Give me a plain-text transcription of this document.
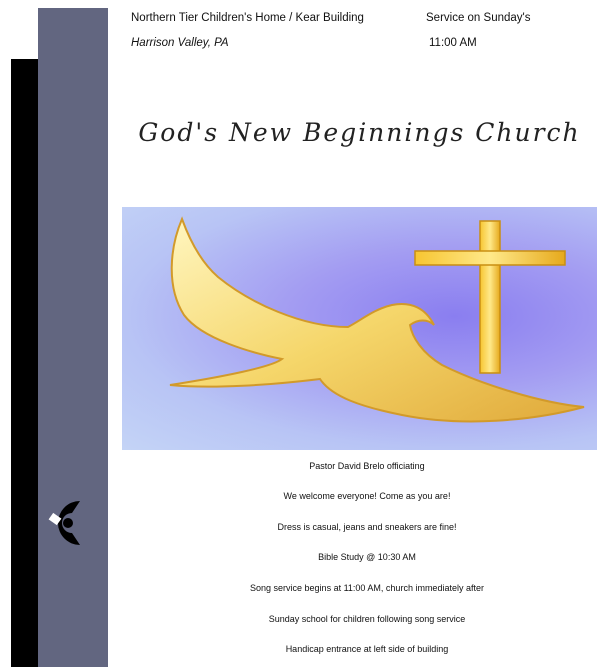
Northern Tier Children's Home / Kear Building
Harrison Valley, PA
Service on Sunday's
11:00 AM
God's New Beginnings Church
Pastor David Brelo officiating
We welcome everyone! Come as you are!
Dress is casual, jeans and sneakers are fine!
Bible Study @ 10:30 AM
Song service begins at 11:00 AM, church immediately after
Sunday school for children following song service
Handicap entrance at left side of building
